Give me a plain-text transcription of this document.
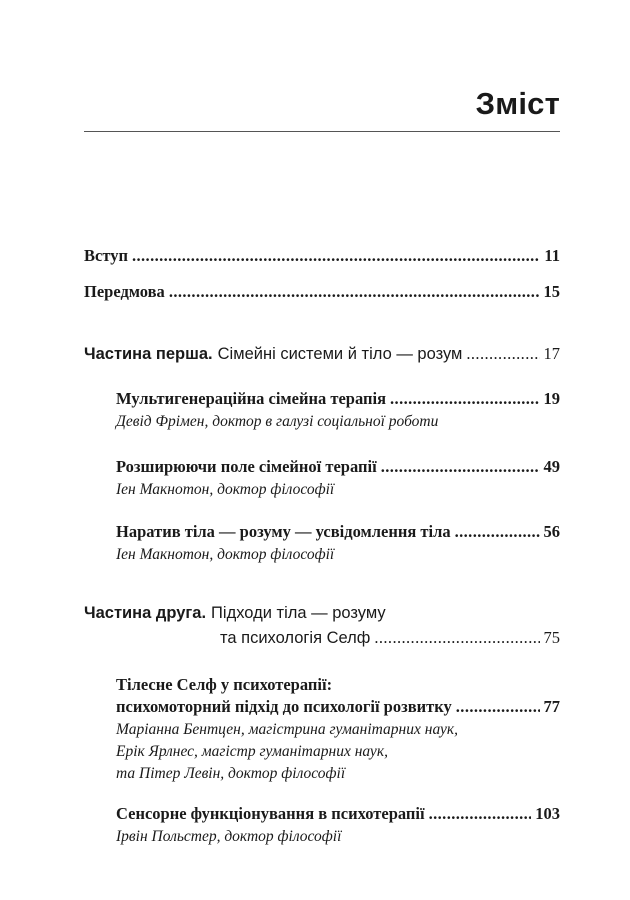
Зміст
Вступ .....	11
Передмова .....	15
Частина перша. Сімейні системи й тіло — розум .....	17
Мультигенераційна сімейна терапія .....	19
Девід Фрімен, доктор в галузі соціальної роботи
Розширюючи поле сімейної терапії .....	49
Іен Макнотон, доктор філософії
Наратив тіла — розуму — усвідомлення тіла .....	56
Іен Макнотон, доктор філософії
Частина друга. Підходи тіла — розуму
та психологія Селф .....	75
Тілесне Селф у психотерапії:
психомоторний підхід до психології розвитку .....	77
Маріанна Бентцен, магістрина гуманітарних наук,
Ерік Ярлнес, магістр гуманітарних наук,
та Пітер Левін, доктор філософії
Сенсорне функціонування в психотерапії .....	103
Ірвін Польстер, доктор філософії
